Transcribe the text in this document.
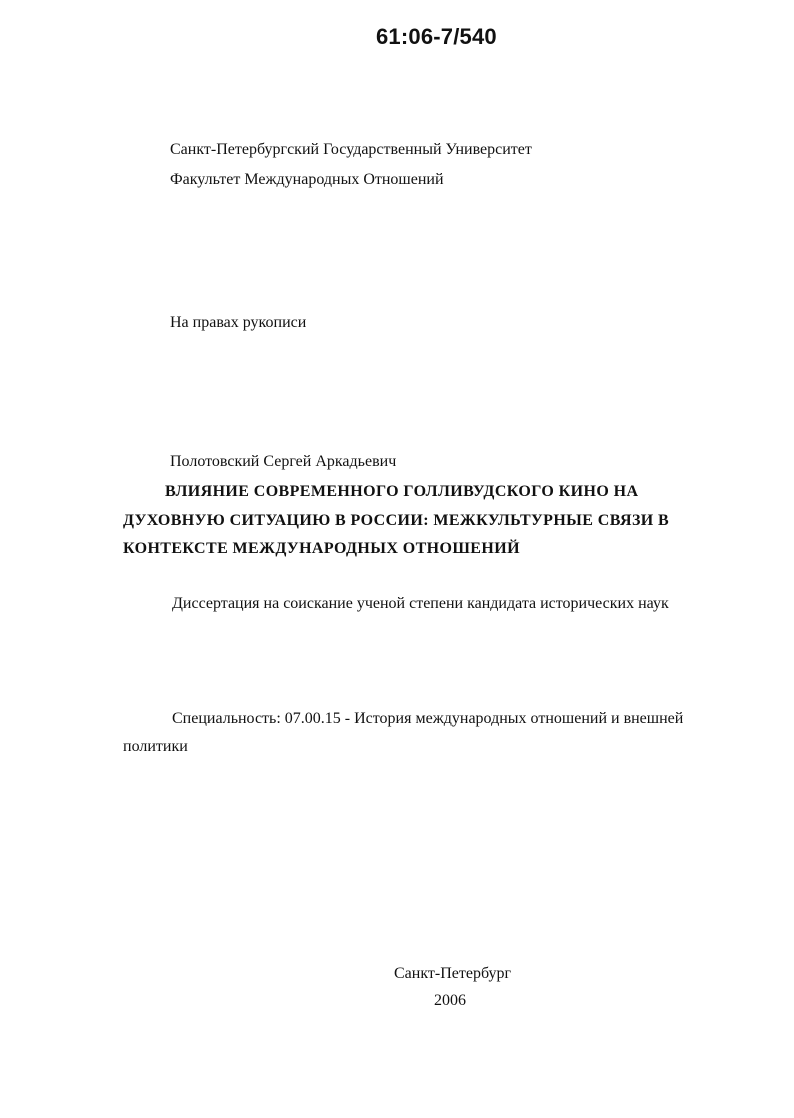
61:06-7/540
Санкт-Петербургский Государственный Университет
Факультет Международных Отношений
На правах рукописи
Полотовский Сергей Аркадьевич
ВЛИЯНИЕ СОВРЕМЕННОГО ГОЛЛИВУДСКОГО КИНО НА
ДУХОВНУЮ СИТУАЦИЮ В РОССИИ: МЕЖКУЛЬТУРНЫЕ СВЯЗИ В
КОНТЕКСТЕ МЕЖДУНАРОДНЫХ ОТНОШЕНИЙ
Диссертация на соискание ученой степени кандидата исторических наук
Специальность: 07.00.15 - История международных отношений и внешней
политики
Санкт-Петербург
2006
